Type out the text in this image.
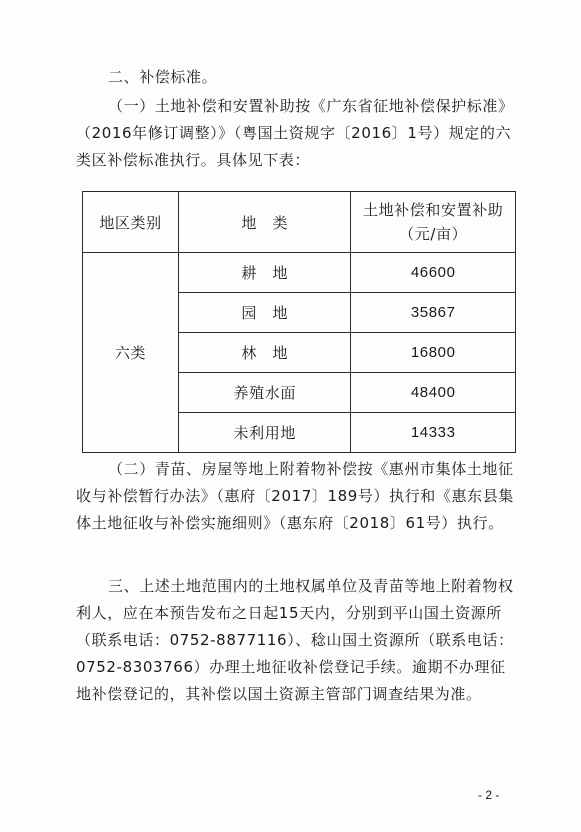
二、补偿标准。

（一）土地补偿和安置补助按《广东省征地补偿保护标准》（2016年修订调整）》（粤国土资规字〔2016〕1号）规定的六类区补偿标准执行。具体见下表：

地区类别	地　类	土地补偿和安置补助
（元/亩）

六类	耕　地	46600
	园　地	35867
	林　地	16800
	养殖水面	48400
	未利用地	14333

（二）青苗、房屋等地上附着物补偿按《惠州市集体土地征收与补偿暂行办法》（惠府〔2017〕189号）执行和《惠东县集体土地征收与补偿实施细则》（惠东府〔2018〕61号）执行。

三、上述土地范围内的土地权属单位及青苗等地上附着物权利人，应在本预告发布之日起15天内，分别到平山国土资源所（联系电话：0752-8877116）、稔山国土资源所（联系电话：0752-8303766）办理土地征收补偿登记手续。逾期不办理征地补偿登记的，其补偿以国土资源主管部门调查结果为准。

- 2 -
